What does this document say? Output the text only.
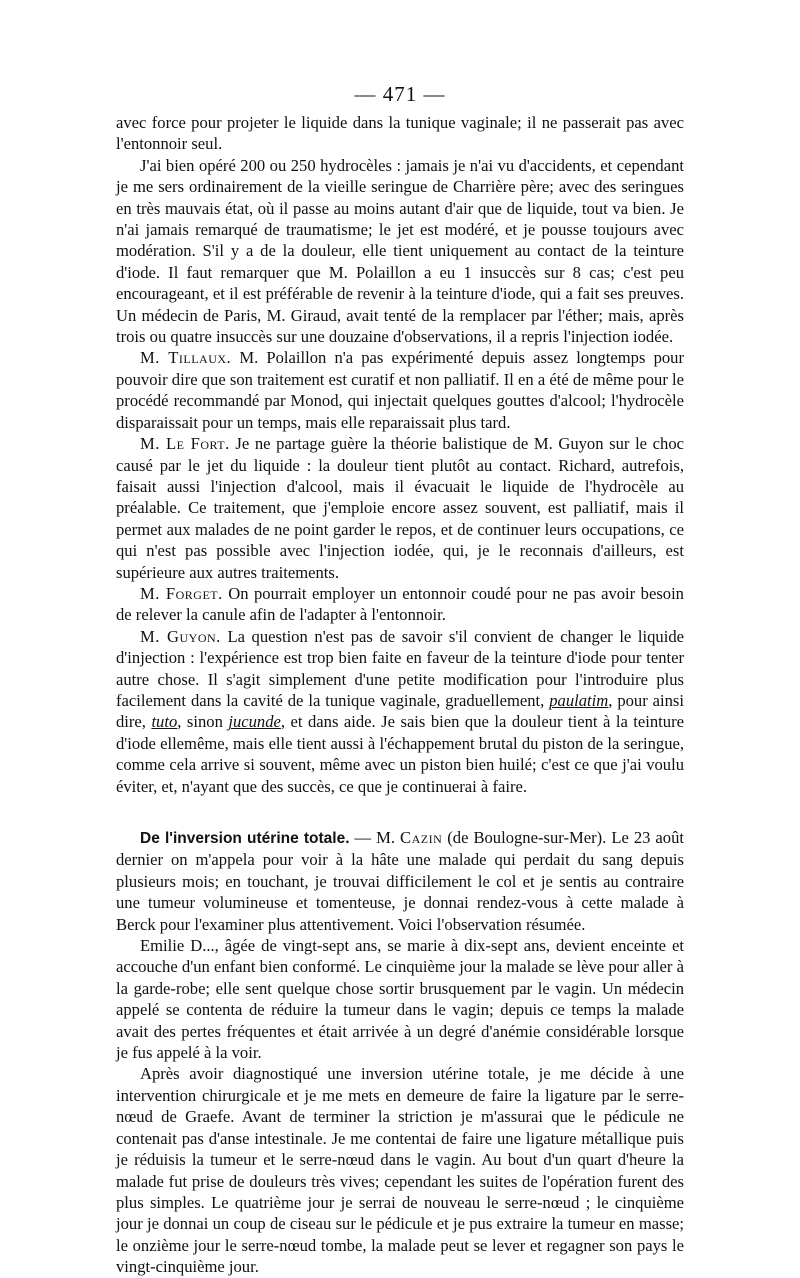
— 471 —

avec force pour projeter le liquide dans la tunique vaginale; il ne passerait pas avec l'entonnoir seul.

J'ai bien opéré 200 ou 250 hydrocèles : jamais je n'ai vu d'accidents, et cependant je me sers ordinairement de la vieille seringue de Charrière père; avec des seringues en très mauvais état, où il passe au moins autant d'air que de liquide, tout va bien. Je n'ai jamais remarqué de traumatisme; le jet est modéré, et je pousse toujours avec modération. S'il y a de la douleur, elle tient uniquement au contact de la teinture d'iode. Il faut remarquer que M. Polaillon a eu 1 insuccès sur 8 cas; c'est peu encourageant, et il est préférable de revenir à la teinture d'iode, qui a fait ses preuves. Un médecin de Paris, M. Giraud, avait tenté de la remplacer par l'éther; mais, après trois ou quatre insuccès sur une douzaine d'observations, il a repris l'injection iodée.

M. Tillaux. M. Polaillon n'a pas expérimenté depuis assez longtemps pour pouvoir dire que son traitement est curatif et non palliatif. Il en a été de même pour le procédé recommandé par Monod, qui injectait quelques gouttes d'alcool; l'hydrocèle disparaissait pour un temps, mais elle reparaissait plus tard.

M. Le Fort. Je ne partage guère la théorie balistique de M. Guyon sur le choc causé par le jet du liquide : la douleur tient plutôt au contact. Richard, autrefois, faisait aussi l'injection d'alcool, mais il évacuait le liquide de l'hydrocèle au préalable. Ce traitement, que j'emploie encore assez souvent, est palliatif, mais il permet aux malades de ne point garder le repos, et de continuer leurs occupations, ce qui n'est pas possible avec l'injection iodée, qui, je le reconnais d'ailleurs, est supérieure aux autres traitements.

M. Forget. On pourrait employer un entonnoir coudé pour ne pas avoir besoin de relever la canule afin de l'adapter à l'entonnoir.

M. Guyon. La question n'est pas de savoir s'il convient de changer le liquide d'injection : l'expérience est trop bien faite en faveur de la teinture d'iode pour tenter autre chose. Il s'agit simplement d'une petite modification pour l'introduire plus facilement dans la cavité de la tunique vaginale, graduellement, paulatim, pour ainsi dire, tuto, sinon jucunde, et dans aide. Je sais bien que la douleur tient à la teinture d'iode ellemême, mais elle tient aussi à l'échappement brutal du piston de la seringue, comme cela arrive si souvent, même avec un piston bien huilé; c'est ce que j'ai voulu éviter, et, n'ayant que des succès, ce que je continuerai à faire.

De l'inversion utérine totale. — M. Cazin (de Boulogne-sur-Mer). Le 23 août dernier on m'appela pour voir à la hâte une malade qui perdait du sang depuis plusieurs mois; en touchant, je trouvai difficilement le col et je sentis au contraire une tumeur volumineuse et tomenteuse, je donnai rendez-vous à cette malade à Berck pour l'examiner plus attentivement. Voici l'observation résumée.

Emilie D..., âgée de vingt-sept ans, se marie à dix-sept ans, devient enceinte et accouche d'un enfant bien conformé. Le cinquième jour la malade se lève pour aller à la garde-robe; elle sent quelque chose sortir brusquement par le vagin. Un médecin appelé se contenta de réduire la tumeur dans le vagin; depuis ce temps la malade avait des pertes fréquentes et était arrivée à un degré d'anémie considérable lorsque je fus appelé à la voir.

Après avoir diagnostiqué une inversion utérine totale, je me décide à une intervention chirurgicale et je me mets en demeure de faire la ligature par le serre-nœud de Graefe. Avant de terminer la striction je m'assurai que le pédicule ne contenait pas d'anse intestinale. Je me contentai de faire une ligature métallique puis je réduisis la tumeur et le serre-nœud dans le vagin. Au bout d'un quart d'heure la malade fut prise de douleurs très vives; cependant les suites de l'opération furent des plus simples. Le quatrième jour je serrai de nouveau le serre-nœud ; le cinquième jour je donnai un coup de ciseau sur le pédicule et je pus extraire la tumeur en masse; le onzième jour le serre-nœud tombe, la malade peut se lever et regagner son pays le vingt-cinquième jour.
